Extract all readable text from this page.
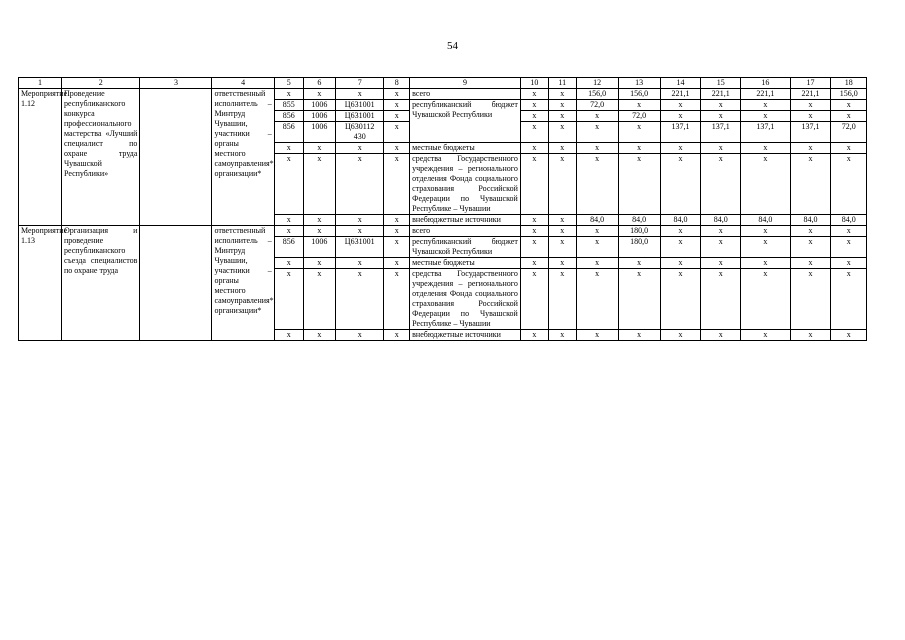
54
1	2	3	4	5	6	7	8	9	10	11	12	13	14	15	16	17	18
Мероприятие 1.12	Проведение республиканского конкурса профессионального мастерства «Лучший специалист по охране труда Чувашской Республики»		ответственный исполнитель – Минтруд Чувашии, участники – органы местного самоуправления*, организации*	x	x	x	x	всего	x	x	156,0	156,0	221,1	221,1	221,1	221,1	156,0
				855	1006	Ц631001	x	республиканский бюджет Чувашской Республики	x	x	72,0	x	x	x	x	x	x
				856	1006	Ц631001	x		x	x	x	72,0	x	x	x	x	x
				856	1006	Ц630112 430	x		x	x	x	x	137,1	137,1	137,1	137,1	72,0
				x	x	x	x	местные бюджеты	x	x	x	x	x	x	x	x	x
				x	x	x	x	средства Государственного учреждения – регионального отделения Фонда социального страхования Российской Федерации по Чувашской Республике – Чувашии	x	x	x	x	x	x	x	x	x
				x	x	x	x	внебюджетные источники	x	x	84,0	84,0	84,0	84,0	84,0	84,0	84,0
Мероприятие 1.13	Организация и проведение республиканского съезда специалистов по охране труда		ответственный исполнитель – Минтруд Чувашии, участники – органы местного самоуправления*, организации*	x	x	x	x	всего	x	x	x	180,0	x	x	x	x	x
				856	1006	Ц631001	x	республиканский бюджет Чувашской Республики	x	x	x	180,0	x	x	x	x	x
				x	x	x	x	местные бюджеты	x	x	x	x	x	x	x	x	x
				x	x	x	x	средства Государственного учреждения – регионального отделения Фонда социального страхования Российской Федерации по Чувашской Республике – Чувашии	x	x	x	x	x	x	x	x	x
				x	x	x	x	внебюджетные источники	x	x	x	x	x	x	x	x	x
